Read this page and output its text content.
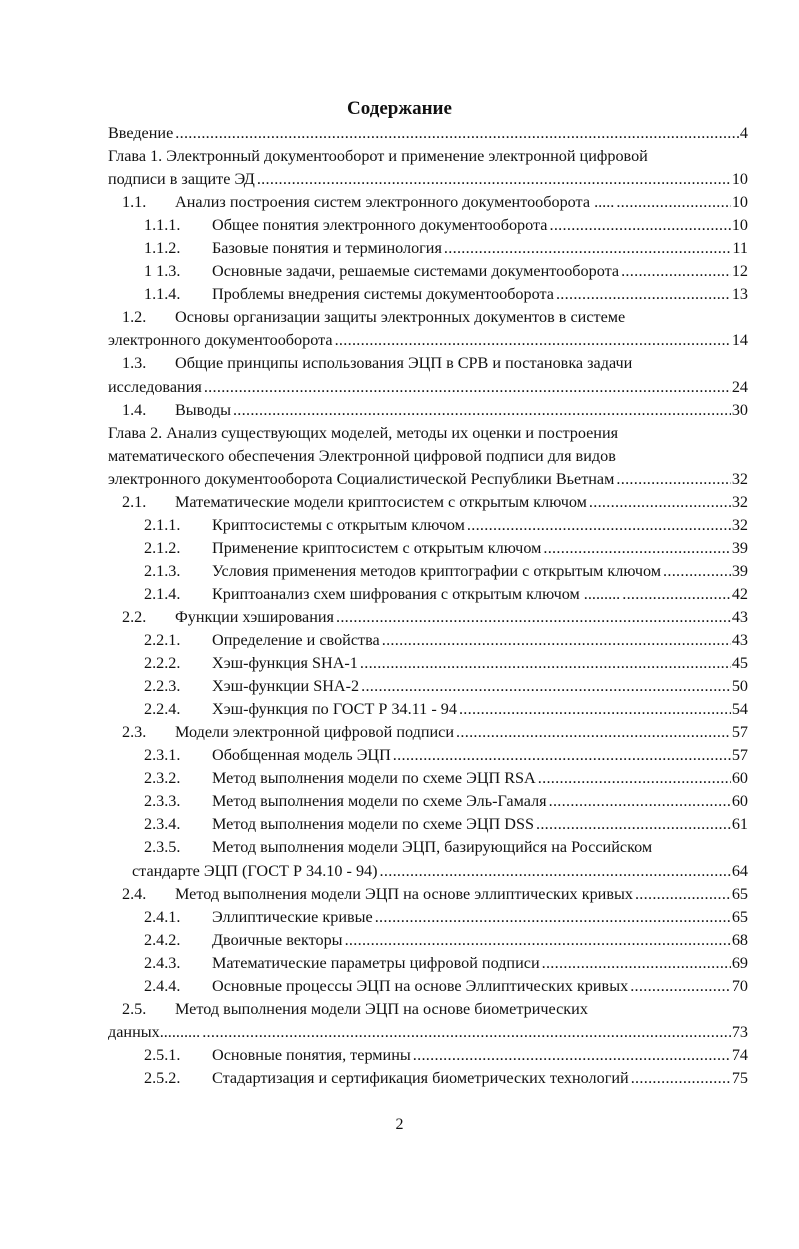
Содержание
Введение .....	4
Глава 1. Электронный документооборот и применение электронной цифровой
подписи в защите ЭД .....	10
1.1.	Анализ построения систем электронного документооборота ..... .....	10
1.1.1.	Общее понятия электронного документооборота .....	10
1.1.2.	Базовые понятия и терминология .....	11
1 1.3.	Основные задачи, решаемые системами документооборота .....	12
1.1.4.	Проблемы внедрения системы документооборота .....	13
1.2.	Основы организации защиты электронных документов в системе
электронного документооборота .....	14
1.3.	Общие принципы использования ЭЦП в СРВ и постановка задачи
исследования .....	24
1.4.	Выводы .....	30
Глава 2. Анализ существующих моделей, методы их оценки и построения
математического обеспечения Электронной цифровой подписи для видов
электронного документооборота Социалистической Республики Вьетнам .....	32
2.1.	Математические модели криптосистем с открытым ключом .....	32
2.1.1.	Криптосистемы с открытым ключом .....	32
2.1.2.	Применение криптосистем с открытым ключом .....	39
2.1.3.	Условия применения методов криптографии с открытым ключом .....	39
2.1.4.	Криптоанализ схем шифрования с открытым ключом ......... .....	42
2.2.	Функции хэширования .....	43
2.2.1.	Определение и свойства .....	43
2.2.2.	Хэш-функция SHA-1 .....	45
2.2.3.	Хэш-функции SHA-2 .....	50
2.2.4.	Хэш-функция по ГОСТ Р 34.11 - 94 .....	54
2.3.	Модели электронной цифровой подписи .....	57
2.3.1.	Обобщенная модель ЭЦП .....	57
2.3.2.	Метод выполнения модели по схеме ЭЦП RSA .....	60
2.3.3.	Метод выполнения модели по схеме Эль-Гамаля .....	60
2.3.4.	Метод выполнения модели по схеме ЭЦП DSS .....	61
2.3.5.	Метод выполнения модели ЭЦП, базирующийся на Российском
стандарте ЭЦП (ГОСТ Р 34.10 - 94) .....	64
2.4.	Метод выполнения модели ЭЦП на основе эллиптических кривых .....	65
2.4.1.	Эллиптические кривые .....	65
2.4.2.	Двоичные векторы .....	68
2.4.3.	Математические параметры цифровой подписи .....	69
2.4.4.	Основные процессы ЭЦП на основе Эллиптических кривых .....	70
2.5.	Метод выполнения модели ЭЦП на основе биометрических
данных.......... .....	73
2.5.1.	Основные понятия, термины .....	74
2.5.2.	Стадартизация и сертификация биометрических технологий .....	75
2
